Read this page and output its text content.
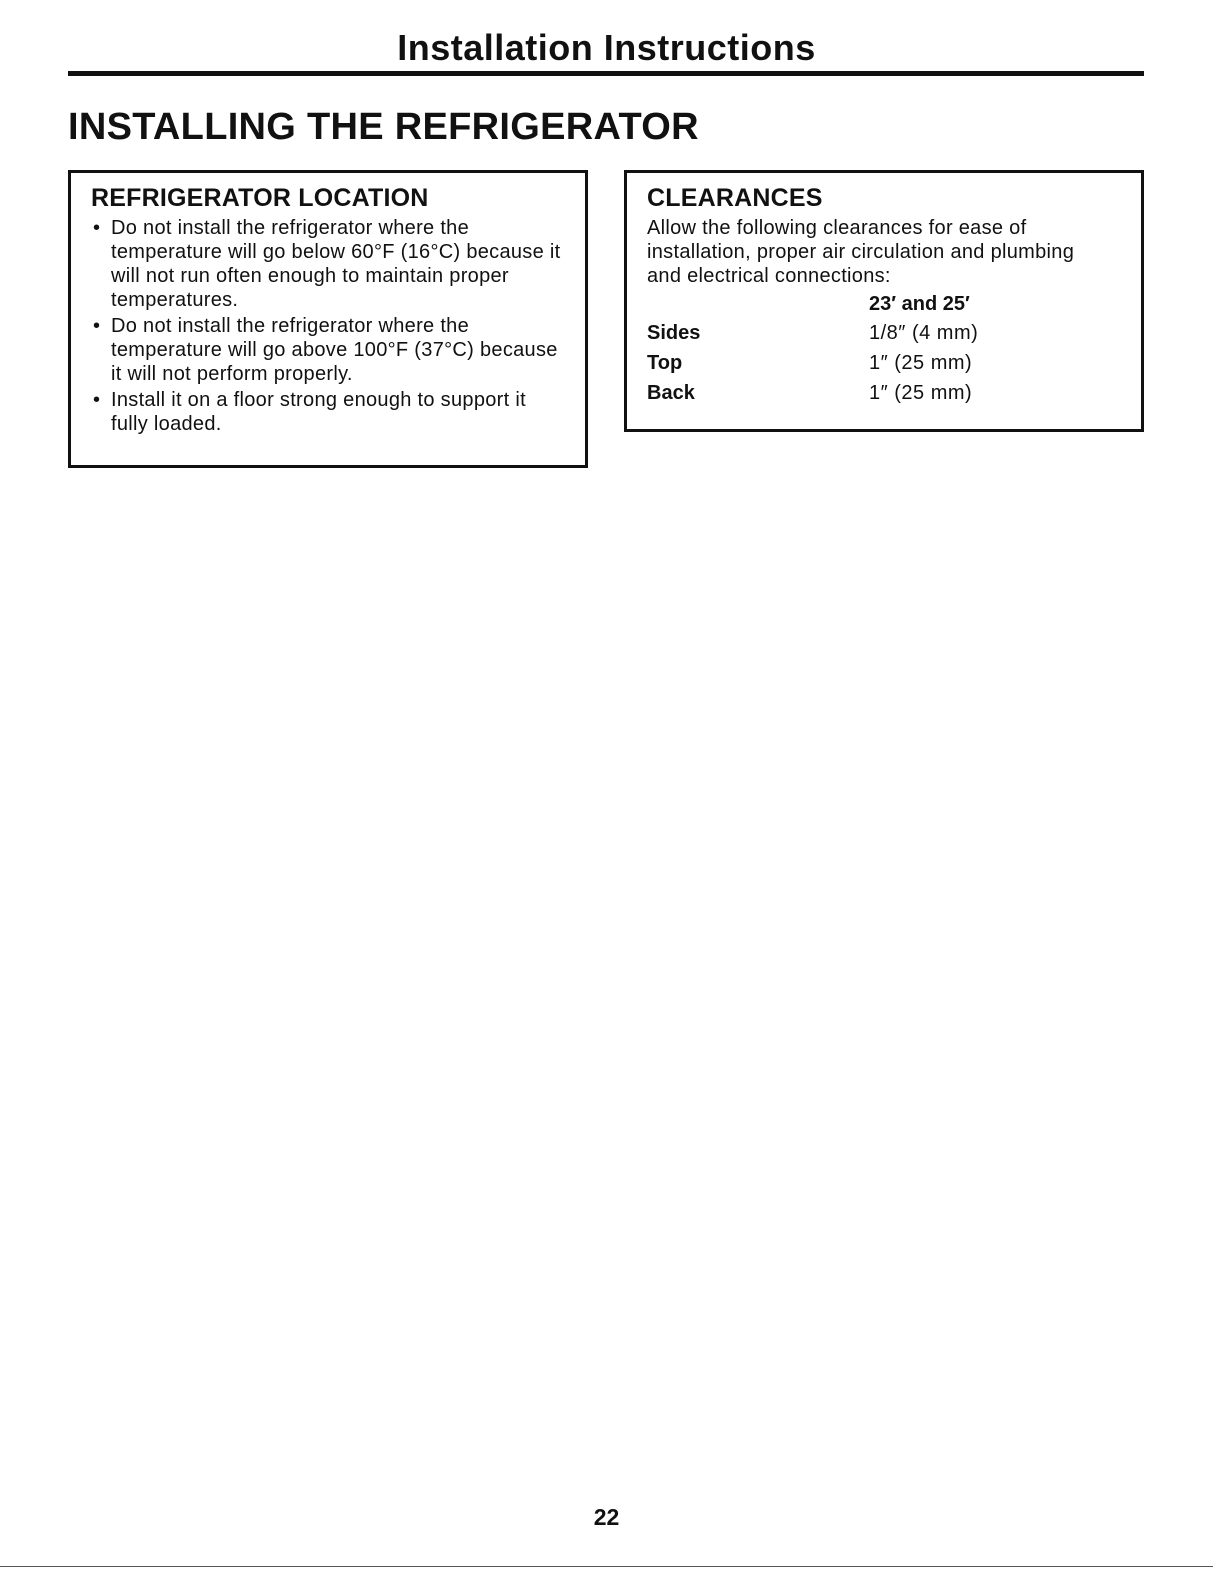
Installation Instructions
INSTALLING THE REFRIGERATOR
REFRIGERATOR LOCATION
• Do not install the refrigerator where the temperature will go below 60°F (16°C) because it will not run often enough to maintain proper temperatures.
• Do not install the refrigerator where the temperature will go above 100°F (37°C) because it will not perform properly.
• Install it on a floor strong enough to support it fully loaded.
CLEARANCES

Allow the following clearances for ease of installation, proper air circulation and plumbing and electrical connections:

23′ and 25′
Sides	1/8″ (4 mm)
Top	1″ (25 mm)
Back	1″ (25 mm)
22
